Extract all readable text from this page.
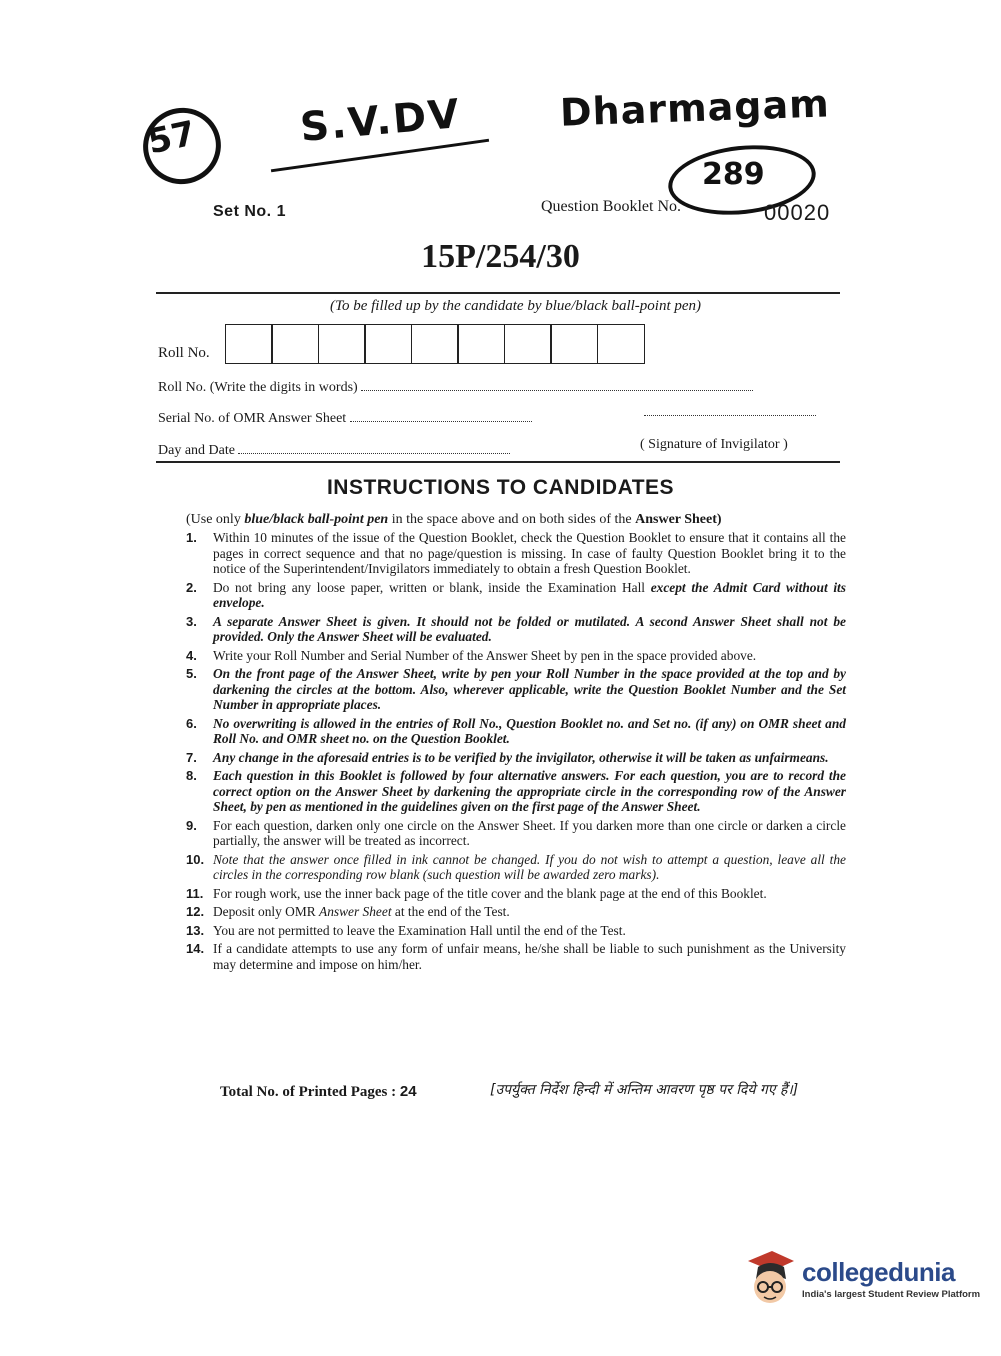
57 S.V.DV	Dharmagam
289
Set No. 1	Question Booklet No.	00020
15P/254/30
(To be filled up by the candidate by blue/black ball-point pen)
Roll No.
Roll No. (Write the digits in words)
Serial No. of OMR Answer Sheet
Day and Date	( Signature of Invigilator )
INSTRUCTIONS TO CANDIDATES
(Use only blue/black ball-point pen in the space above and on both sides of the Answer Sheet)
1. Within 10 minutes of the issue of the Question Booklet, check the Question Booklet to ensure that it contains all the pages in correct sequence and that no page/question is missing. In case of faulty Question Booklet bring it to the notice of the Superintendent/Invigilators immediately to obtain a fresh Question Booklet.
2. Do not bring any loose paper, written or blank, inside the Examination Hall except the Admit Card without its envelope.
3. A separate Answer Sheet is given. It should not be folded or mutilated. A second Answer Sheet shall not be provided. Only the Answer Sheet will be evaluated.
4. Write your Roll Number and Serial Number of the Answer Sheet by pen in the space provided above.
5. On the front page of the Answer Sheet, write by pen your Roll Number in the space provided at the top and by darkening the circles at the bottom. Also, wherever applicable, write the Question Booklet Number and the Set Number in appropriate places.
6. No overwriting is allowed in the entries of Roll No., Question Booklet no. and Set no. (if any) on OMR sheet and Roll No. and OMR sheet no. on the Question Booklet.
7. Any change in the aforesaid entries is to be verified by the invigilator, otherwise it will be taken as unfairmeans.
8. Each question in this Booklet is followed by four alternative answers. For each question, you are to record the correct option on the Answer Sheet by darkening the appropriate circle in the corresponding row of the Answer Sheet, by pen as mentioned in the guidelines given on the first page of the Answer Sheet.
9. For each question, darken only one circle on the Answer Sheet. If you darken more than one circle or darken a circle partially, the answer will be treated as incorrect.
10. Note that the answer once filled in ink cannot be changed. If you do not wish to attempt a question, leave all the circles in the corresponding row blank (such question will be awarded zero marks).
11. For rough work, use the inner back page of the title cover and the blank page at the end of this Booklet.
12. Deposit only OMR Answer Sheet at the end of the Test.
13. You are not permitted to leave the Examination Hall until the end of the Test.
14. If a candidate attempts to use any form of unfair means, he/she shall be liable to such punishment as the University may determine and impose on him/her.
Total No. of Printed Pages : 24	[उपर्युक्त निर्देश हिन्दी में अन्तिम आवरण पृष्ठ पर दिये गए हैं।]
collegedunia
India's largest Student Review Platform
